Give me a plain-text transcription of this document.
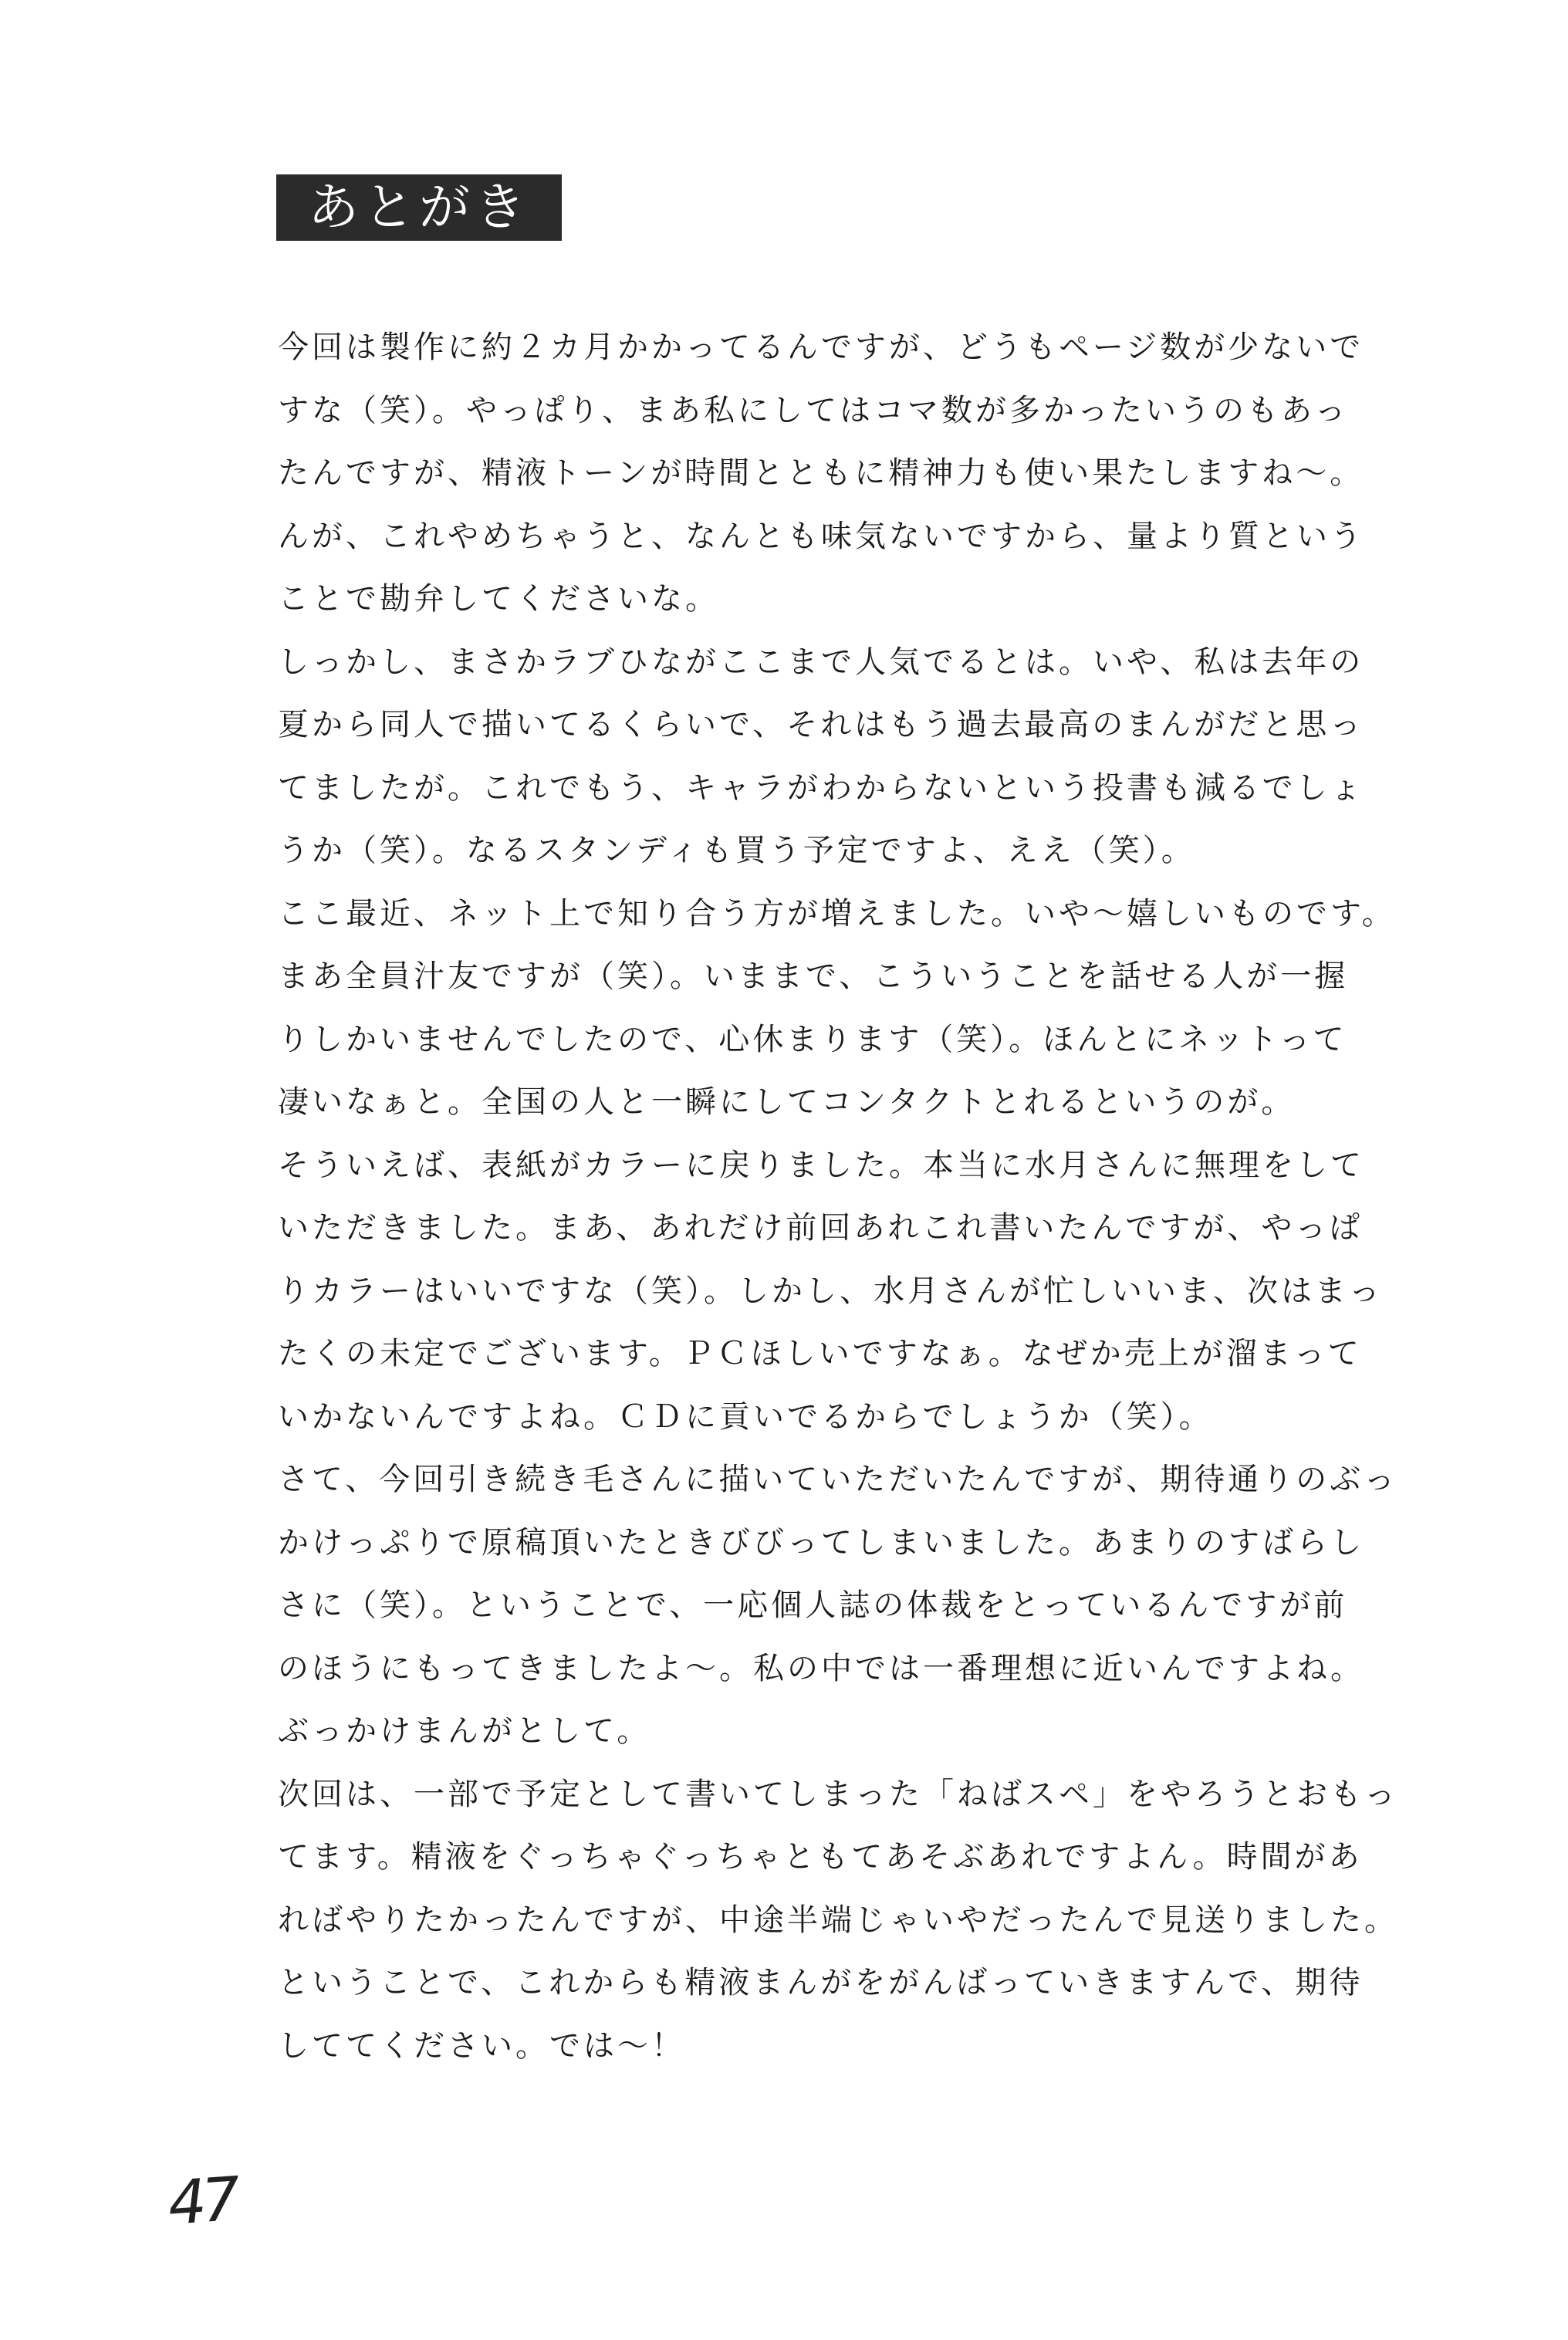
あとがき
今回は製作に約２カ月かかってるんですが、どうもページ数が少ないで
すな（笑）。やっぱり、まあ私にしてはコマ数が多かったいうのもあっ
たんですが、精液トーンが時間とともに精神力も使い果たしますね～。
んが、これやめちゃうと、なんとも味気ないですから、量より質という
ことで勘弁してくださいな。
しっかし、まさかラブひながここまで人気でるとは。いや、私は去年の
夏から同人で描いてるくらいで、それはもう過去最高のまんがだと思っ
てましたが。これでもう、キャラがわからないという投書も減るでしょ
うか（笑）。なるスタンディも買う予定ですよ、ええ（笑）。
ここ最近、ネット上で知り合う方が増えました。いや～嬉しいものです。
まあ全員汁友ですが（笑）。いままで、こういうことを話せる人が一握
りしかいませんでしたので、心休まります（笑）。ほんとにネットって
凄いなぁと。全国の人と一瞬にしてコンタクトとれるというのが。
そういえば、表紙がカラーに戻りました。本当に水月さんに無理をして
いただきました。まあ、あれだけ前回あれこれ書いたんですが、やっぱ
りカラーはいいですな（笑）。しかし、水月さんが忙しいいま、次はまっ
たくの未定でございます。ＰＣほしいですなぁ。なぜか売上が溜まって
いかないんですよね。ＣＤに貢いでるからでしょうか（笑）。
さて、今回引き続き毛さんに描いていただいたんですが、期待通りのぶっ
かけっぷりで原稿頂いたときびびってしまいました。あまりのすばらし
さに（笑）。ということで、一応個人誌の体裁をとっているんですが前
のほうにもってきましたよ～。私の中では一番理想に近いんですよね。
ぶっかけまんがとして。
次回は、一部で予定として書いてしまった「ねばスペ」をやろうとおもっ
てます。精液をぐっちゃぐっちゃともてあそぶあれですよん。時間があ
ればやりたかったんですが、中途半端じゃいやだったんで見送りました。
ということで、これからも精液まんがをがんばっていきますんで、期待
しててください。では～！
47
